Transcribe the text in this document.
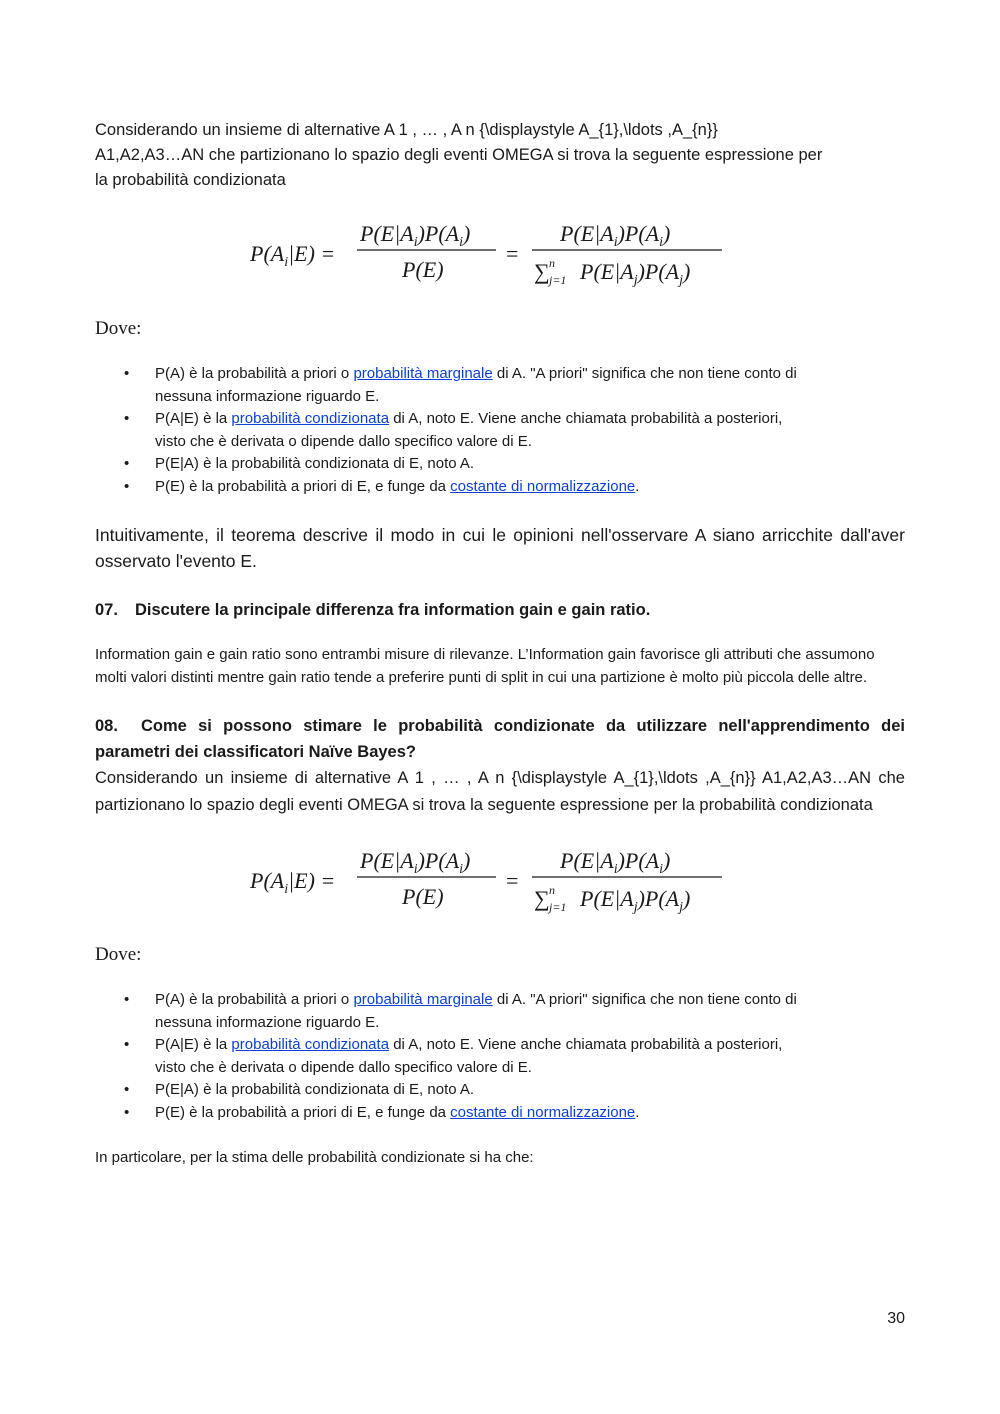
Considerando un insieme di alternative A 1 , … , A n {\displaystyle A_{1},\ldots ,A_{n}}

A1,A2,A3…AN che partizionano lo spazio degli eventi OMEGA si trova la seguente espressione per

la probabilità condizionata

$P(A_i|E)$ =
$P(E|A_i)P(A_i)$
P(E)
=
$P(E|A_i)P(A_i)$
∑ n
j=1 $P(E|A_j)P(A_j)$

Dove:

• P(A) è la probabilità a priori o probabilità marginale di A. "A priori" significa che non tiene conto di
nessuna informazione riguardo E.
• P(A|E) è la probabilità condizionata di A, noto E. Viene anche chiamata probabilità a posteriori,
visto che è derivata o dipende dallo specifico valore di E.
• P(E|A) è la probabilità condizionata di E, noto A.
• P(E) è la probabilità a priori di E, e funge da costante di normalizzazione.

Intuitivamente, il teorema descrive il modo in cui le opinioni nell'osservare A siano arricchite dall'aver osservato l'evento E.

07. Discutere la principale differenza fra information gain e gain ratio.

Information gain e gain ratio sono entrambi misure di rilevanze. L’Information gain favorisce gli attributi che assumono molti valori distinti mentre gain ratio tende a preferire punti di split in cui una partizione è molto più piccola delle altre.

08. Come si possono stimare le probabilità condizionate da utilizzare nell'apprendimento dei parametri dei classificatori Naïve Bayes?

Considerando un insieme di alternative A 1 , … , A n {\displaystyle A_{1},\ldots ,A_{n}} A1,A2,A3…AN che partizionano lo spazio degli eventi OMEGA si trova la seguente espressione per la probabilità condizionata

$P(A_i|E)$ =
$P(E|A_i)P(A_i)$
P(E)
=
$P(E|A_i)P(A_i)$
∑ n
j=1 $P(E|A_j)P(A_j)$

Dove:

• P(A) è la probabilità a priori o probabilità marginale di A. "A priori" significa che non tiene conto di
nessuna informazione riguardo E.
• P(A|E) è la probabilità condizionata di A, noto E. Viene anche chiamata probabilità a posteriori,
visto che è derivata o dipende dallo specifico valore di E.
• P(E|A) è la probabilità condizionata di E, noto A.
• P(E) è la probabilità a priori di E, e funge da costante di normalizzazione.

In particolare, per la stima delle probabilità condizionate si ha che:

30
